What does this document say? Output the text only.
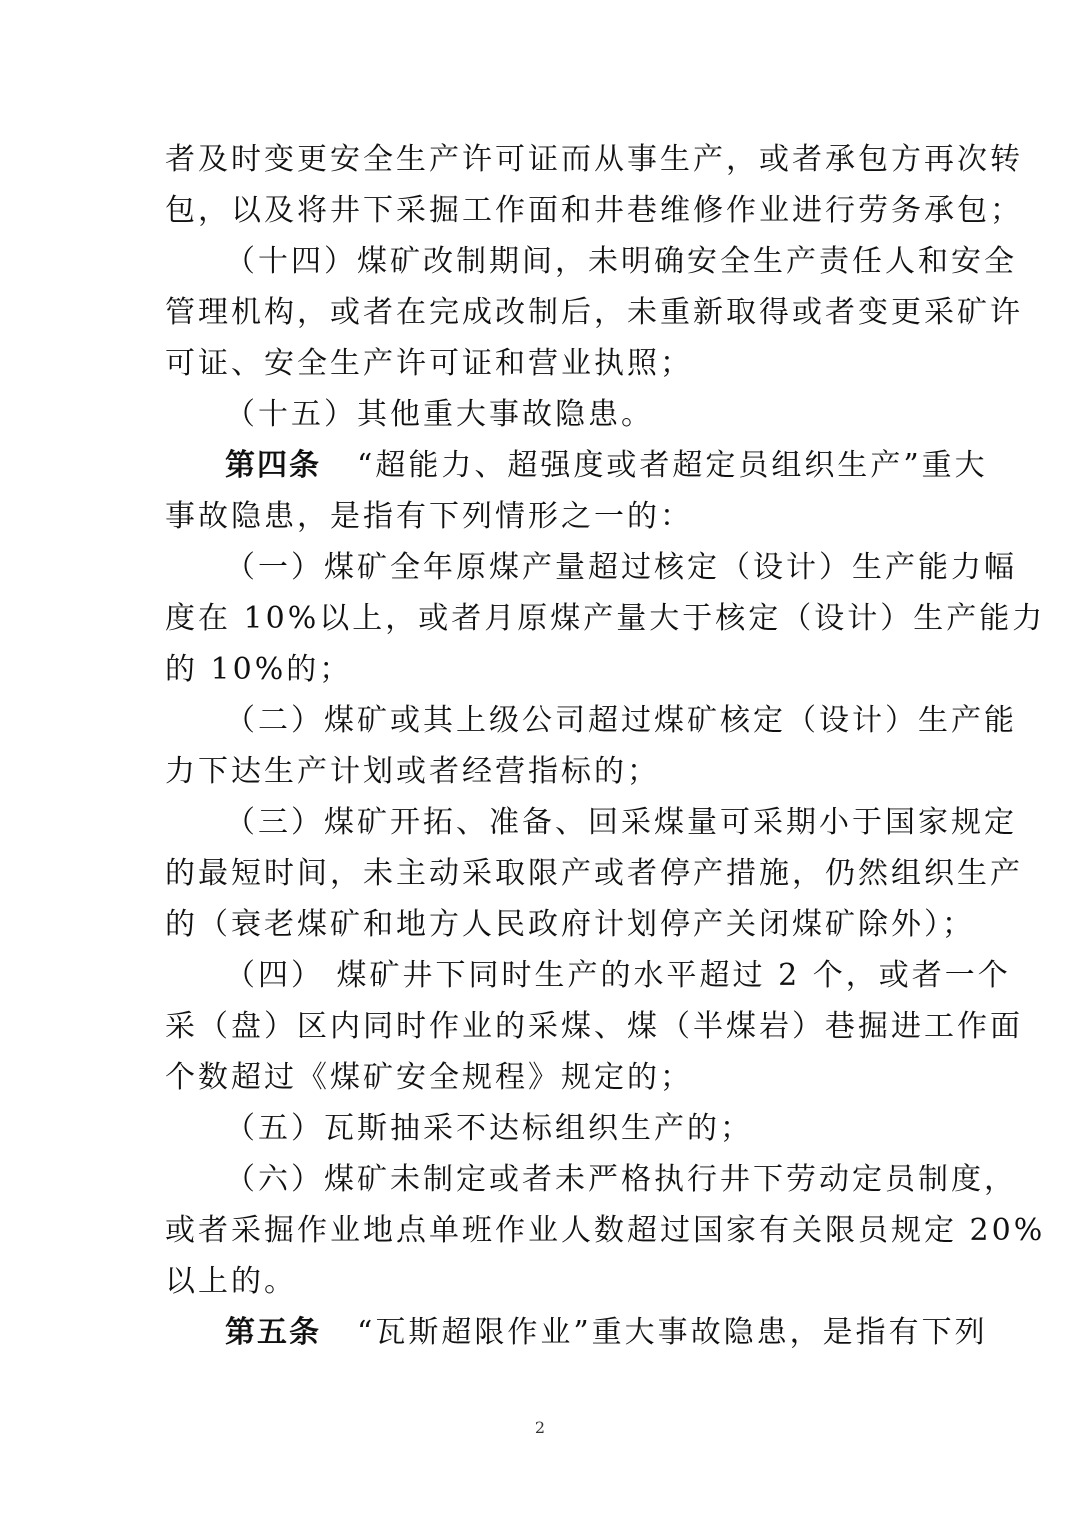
者及时变更安全生产许可证而从事生产，或者承包方再次转
包，以及将井下采掘工作面和井巷维修作业进行劳务承包；
（十四）煤矿改制期间，未明确安全生产责任人和安全
管理机构，或者在完成改制后，未重新取得或者变更采矿许
可证、安全生产许可证和营业执照；
（十五）其他重大事故隐患。
第四条 “超能力、超强度或者超定员组织生产”重大
事故隐患，是指有下列情形之一的：
（一）煤矿全年原煤产量超过核定（设计）生产能力幅
度在 10%以上，或者月原煤产量大于核定（设计）生产能力
的 10%的；
（二）煤矿或其上级公司超过煤矿核定（设计）生产能
力下达生产计划或者经营指标的；
（三）煤矿开拓、准备、回采煤量可采期小于国家规定
的最短时间，未主动采取限产或者停产措施，仍然组织生产
的（衰老煤矿和地方人民政府计划停产关闭煤矿除外）；
（四） 煤矿井下同时生产的水平超过 2 个，或者一个
采（盘）区内同时作业的采煤、煤（半煤岩）巷掘进工作面
个数超过《煤矿安全规程》规定的；
（五）瓦斯抽采不达标组织生产的；
（六）煤矿未制定或者未严格执行井下劳动定员制度，
或者采掘作业地点单班作业人数超过国家有关限员规定 20%
以上的。
第五条 “瓦斯超限作业”重大事故隐患，是指有下列
2
